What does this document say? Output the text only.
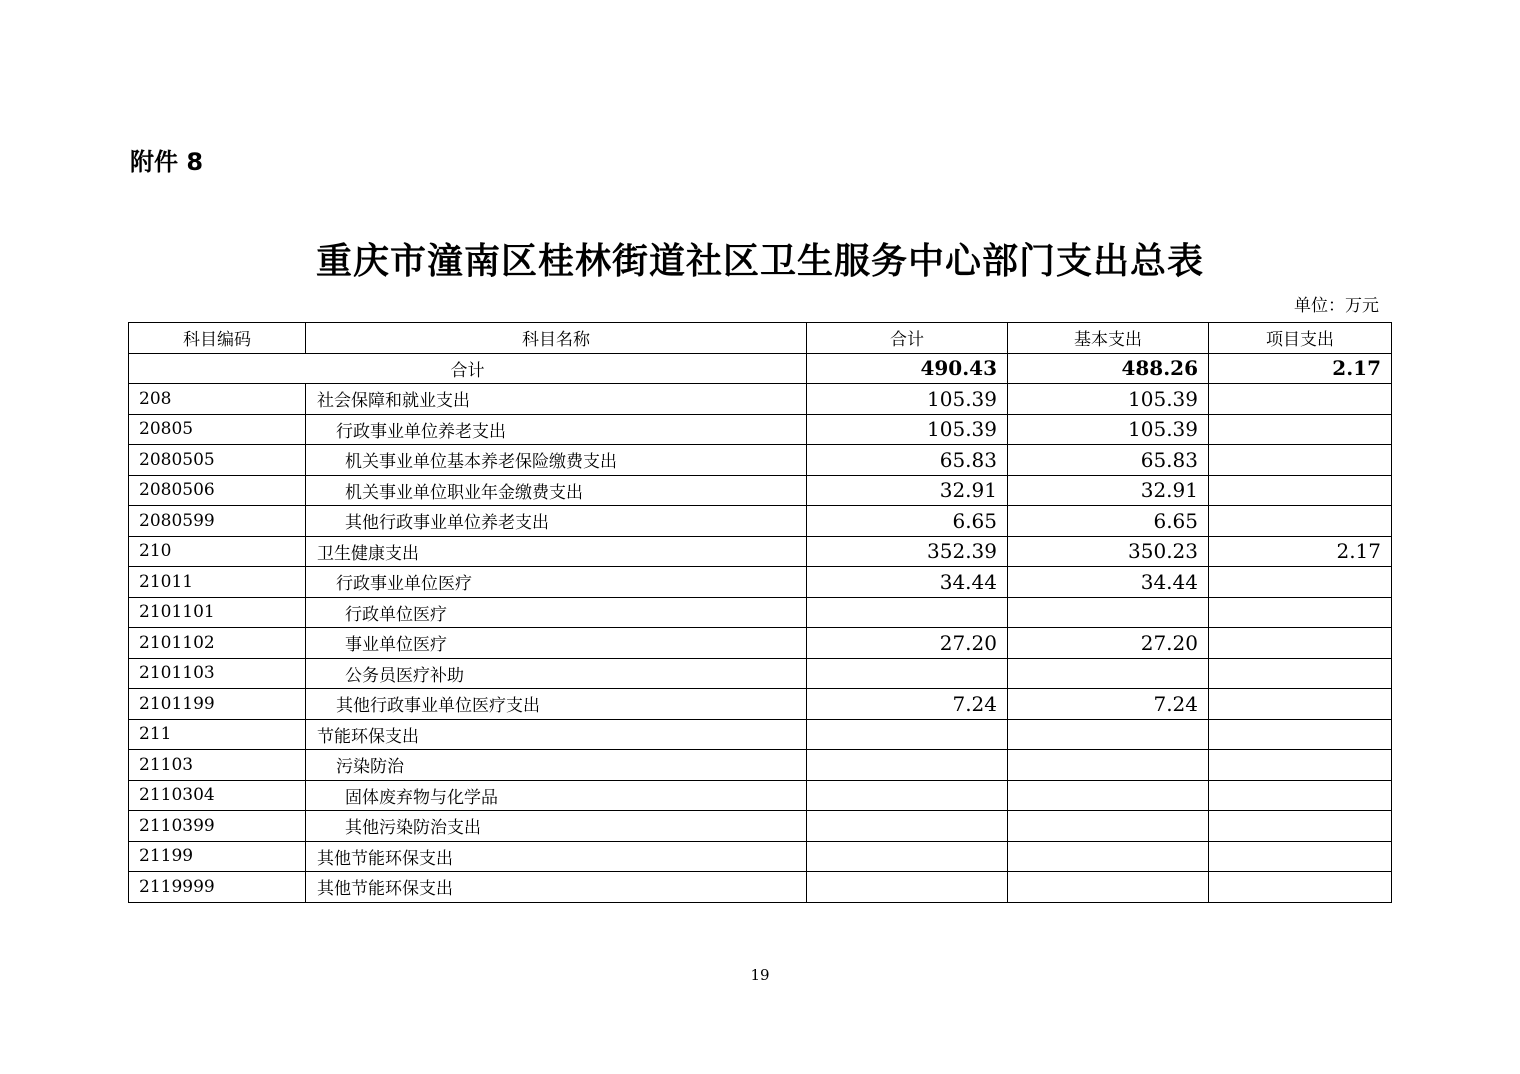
附件 8
重庆市潼南区桂林街道社区卫生服务中心部门支出总表
单位：万元
科目编码	科目名称	合计	基本支出	项目支出
合计		490.43	488.26	2.17
208	社会保障和就业支出	105.39	105.39	
20805	行政事业单位养老支出	105.39	105.39	
2080505	机关事业单位基本养老保险缴费支出	65.83	65.83	
2080506	机关事业单位职业年金缴费支出	32.91	32.91	
2080599	其他行政事业单位养老支出	6.65	6.65	
210	卫生健康支出	352.39	350.23	2.17
21011	行政事业单位医疗	34.44	34.44	
2101101	行政单位医疗			
2101102	事业单位医疗	27.20	27.20	
2101103	公务员医疗补助			
2101199	其他行政事业单位医疗支出	7.24	7.24	
211	节能环保支出			
21103	污染防治			
2110304	固体废弃物与化学品			
2110399	其他污染防治支出			
21199	其他节能环保支出			
2119999	其他节能环保支出			
19
